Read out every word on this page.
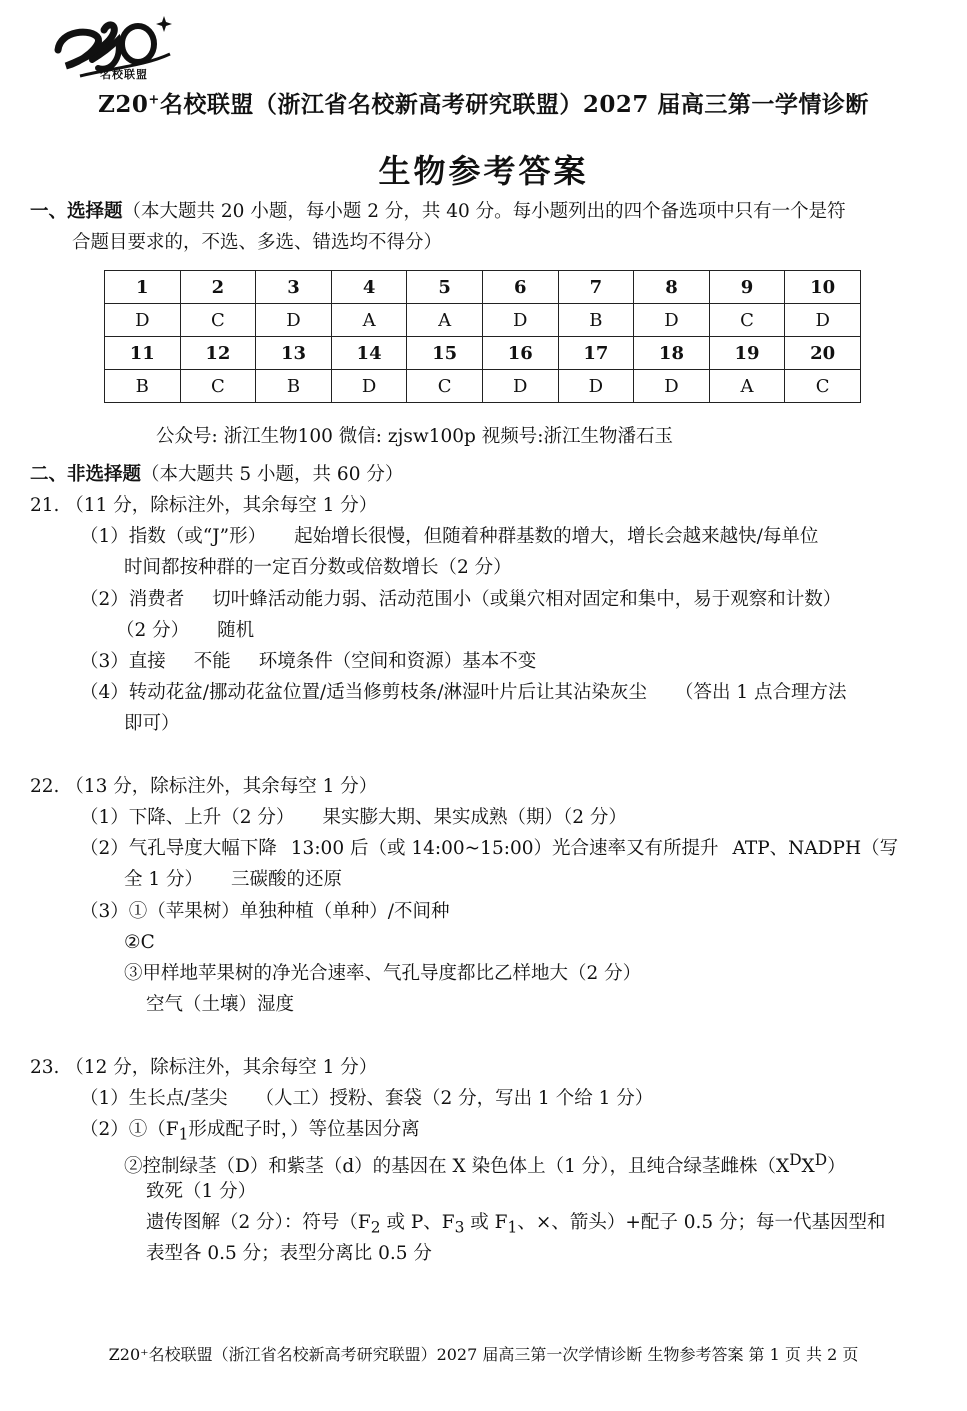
名校联盟
Z20+名校联盟（浙江省名校新高考研究联盟）2027 届高三第一学情诊断
生物参考答案
一、选择题（本大题共 20 小题，每小题 2 分，共 40 分。每小题列出的四个备选项中只有一个是符
合题目要求的，不选、多选、错选均不得分）
1	2	3	4	5	6	7	8	9	10
D	C	D	A	A	D	B	D	C	D
11	12	13	14	15	16	17	18	19	20
B	C	B	D	C	D	D	D	A	C
公众号: 浙江生物100 微信: zjsw100p 视频号:浙江生物潘石玉
二、非选择题（本大题共 5 小题，共 60 分）
21. （11 分，除标注外，其余每空 1 分）
（1）指数（或“J”形） 起始增长很慢，但随着种群基数的增大，增长会越来越快/每单位
时间都按种群的一定百分数或倍数增长（2 分）
（2）消费者 切叶蜂活动能力弱、活动范围小（或巢穴相对固定和集中，易于观察和计数）
（2 分） 随机
（3）直接 不能 环境条件（空间和资源）基本不变
（4）转动花盆/挪动花盆位置/适当修剪枝条/淋湿叶片后让其沾染灰尘 （答出 1 点合理方法
即可）
22. （13 分，除标注外，其余每空 1 分）
（1）下降、上升（2 分） 果实膨大期、果实成熟（期）（2 分）
（2）气孔导度大幅下降 13:00 后（或 14:00~15:00）光合速率又有所提升 ATP、NADPH（写
全 1 分） 三碳酸的还原
（3）①（苹果树）单独种植（单种）/不间种
②C
③甲样地苹果树的净光合速率、气孔导度都比乙样地大（2 分）
空气（土壤）湿度
23. （12 分，除标注外，其余每空 1 分）
（1）生长点/茎尖 （人工）授粉、套袋（2 分，写出 1 个给 1 分）
$(2)①(F_1$形成配子时，）等位基因分离
②控制绿茎（D）和紫茎（d）的基因在 X 染色体上（1 分），且纯合绿茎雌株$(X^DX^D)$
致死（1 分）
遗传图解（2 分）：符号（$F_2$ 或 P、$F_3$ 或 $F_1$、×、箭头）+配子 0.5 分；每一代基因型和
表型各 0.5 分；表型分离比 0.5 分
Z20⁺名校联盟（浙江省名校新高考研究联盟）2027 届高三第一次学情诊断 生物参考答案 第 1 页 共 2 页
